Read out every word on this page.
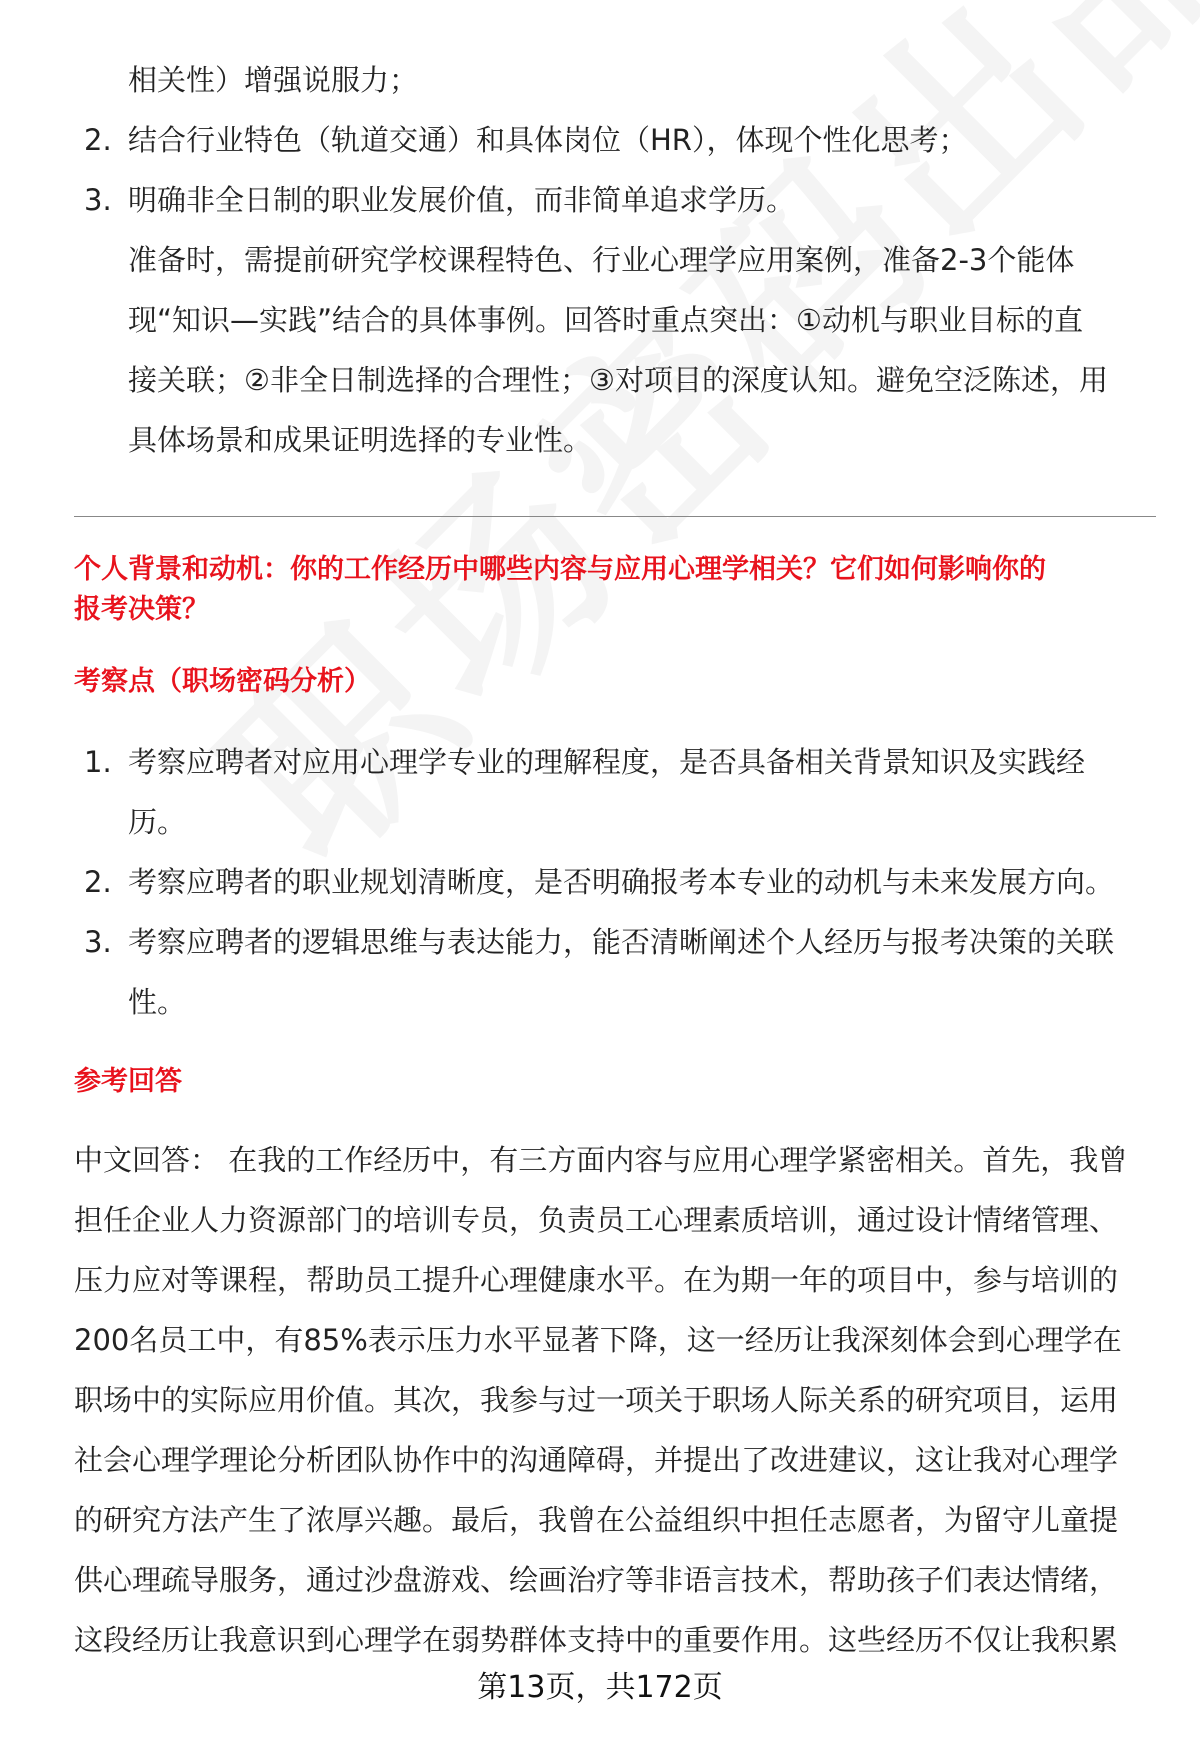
相关性）增强说服力；
2. 结合行业特色（轨道交通）和具体岗位（HR），体现个性化思考；
3. 明确非全日制的职业发展价值，而非简单追求学历。
准备时，需提前研究学校课程特色、行业心理学应用案例，准备2-3个能体
现“知识—实践”结合的具体事例。回答时重点突出：①动机与职业目标的直
接关联；②非全日制选择的合理性；③对项目的深度认知。避免空泛陈述，用
具体场景和成果证明选择的专业性。
个人背景和动机：你的工作经历中哪些内容与应用心理学相关？它们如何影响你的
报考决策？
考察点（职场密码分析）
1. 考察应聘者对应用心理学专业的理解程度，是否具备相关背景知识及实践经
历。
2. 考察应聘者的职业规划清晰度，是否明确报考本专业的动机与未来发展方向。
3. 考察应聘者的逻辑思维与表达能力，能否清晰阐述个人经历与报考决策的关联
性。
参考回答
中文回答： 在我的工作经历中，有三方面内容与应用心理学紧密相关。首先，我曾
担任企业人力资源部门的培训专员，负责员工心理素质培训，通过设计情绪管理、
压力应对等课程，帮助员工提升心理健康水平。在为期一年的项目中，参与培训的
200名员工中，有85%表示压力水平显著下降，这一经历让我深刻体会到心理学在
职场中的实际应用价值。其次，我参与过一项关于职场人际关系的研究项目，运用
社会心理学理论分析团队协作中的沟通障碍，并提出了改进建议，这让我对心理学
的研究方法产生了浓厚兴趣。最后，我曾在公益组织中担任志愿者，为留守儿童提
供心理疏导服务，通过沙盘游戏、绘画治疗等非语言技术，帮助孩子们表达情绪，
这段经历让我意识到心理学在弱势群体支持中的重要作用。这些经历不仅让我积累
第13页，共172页
